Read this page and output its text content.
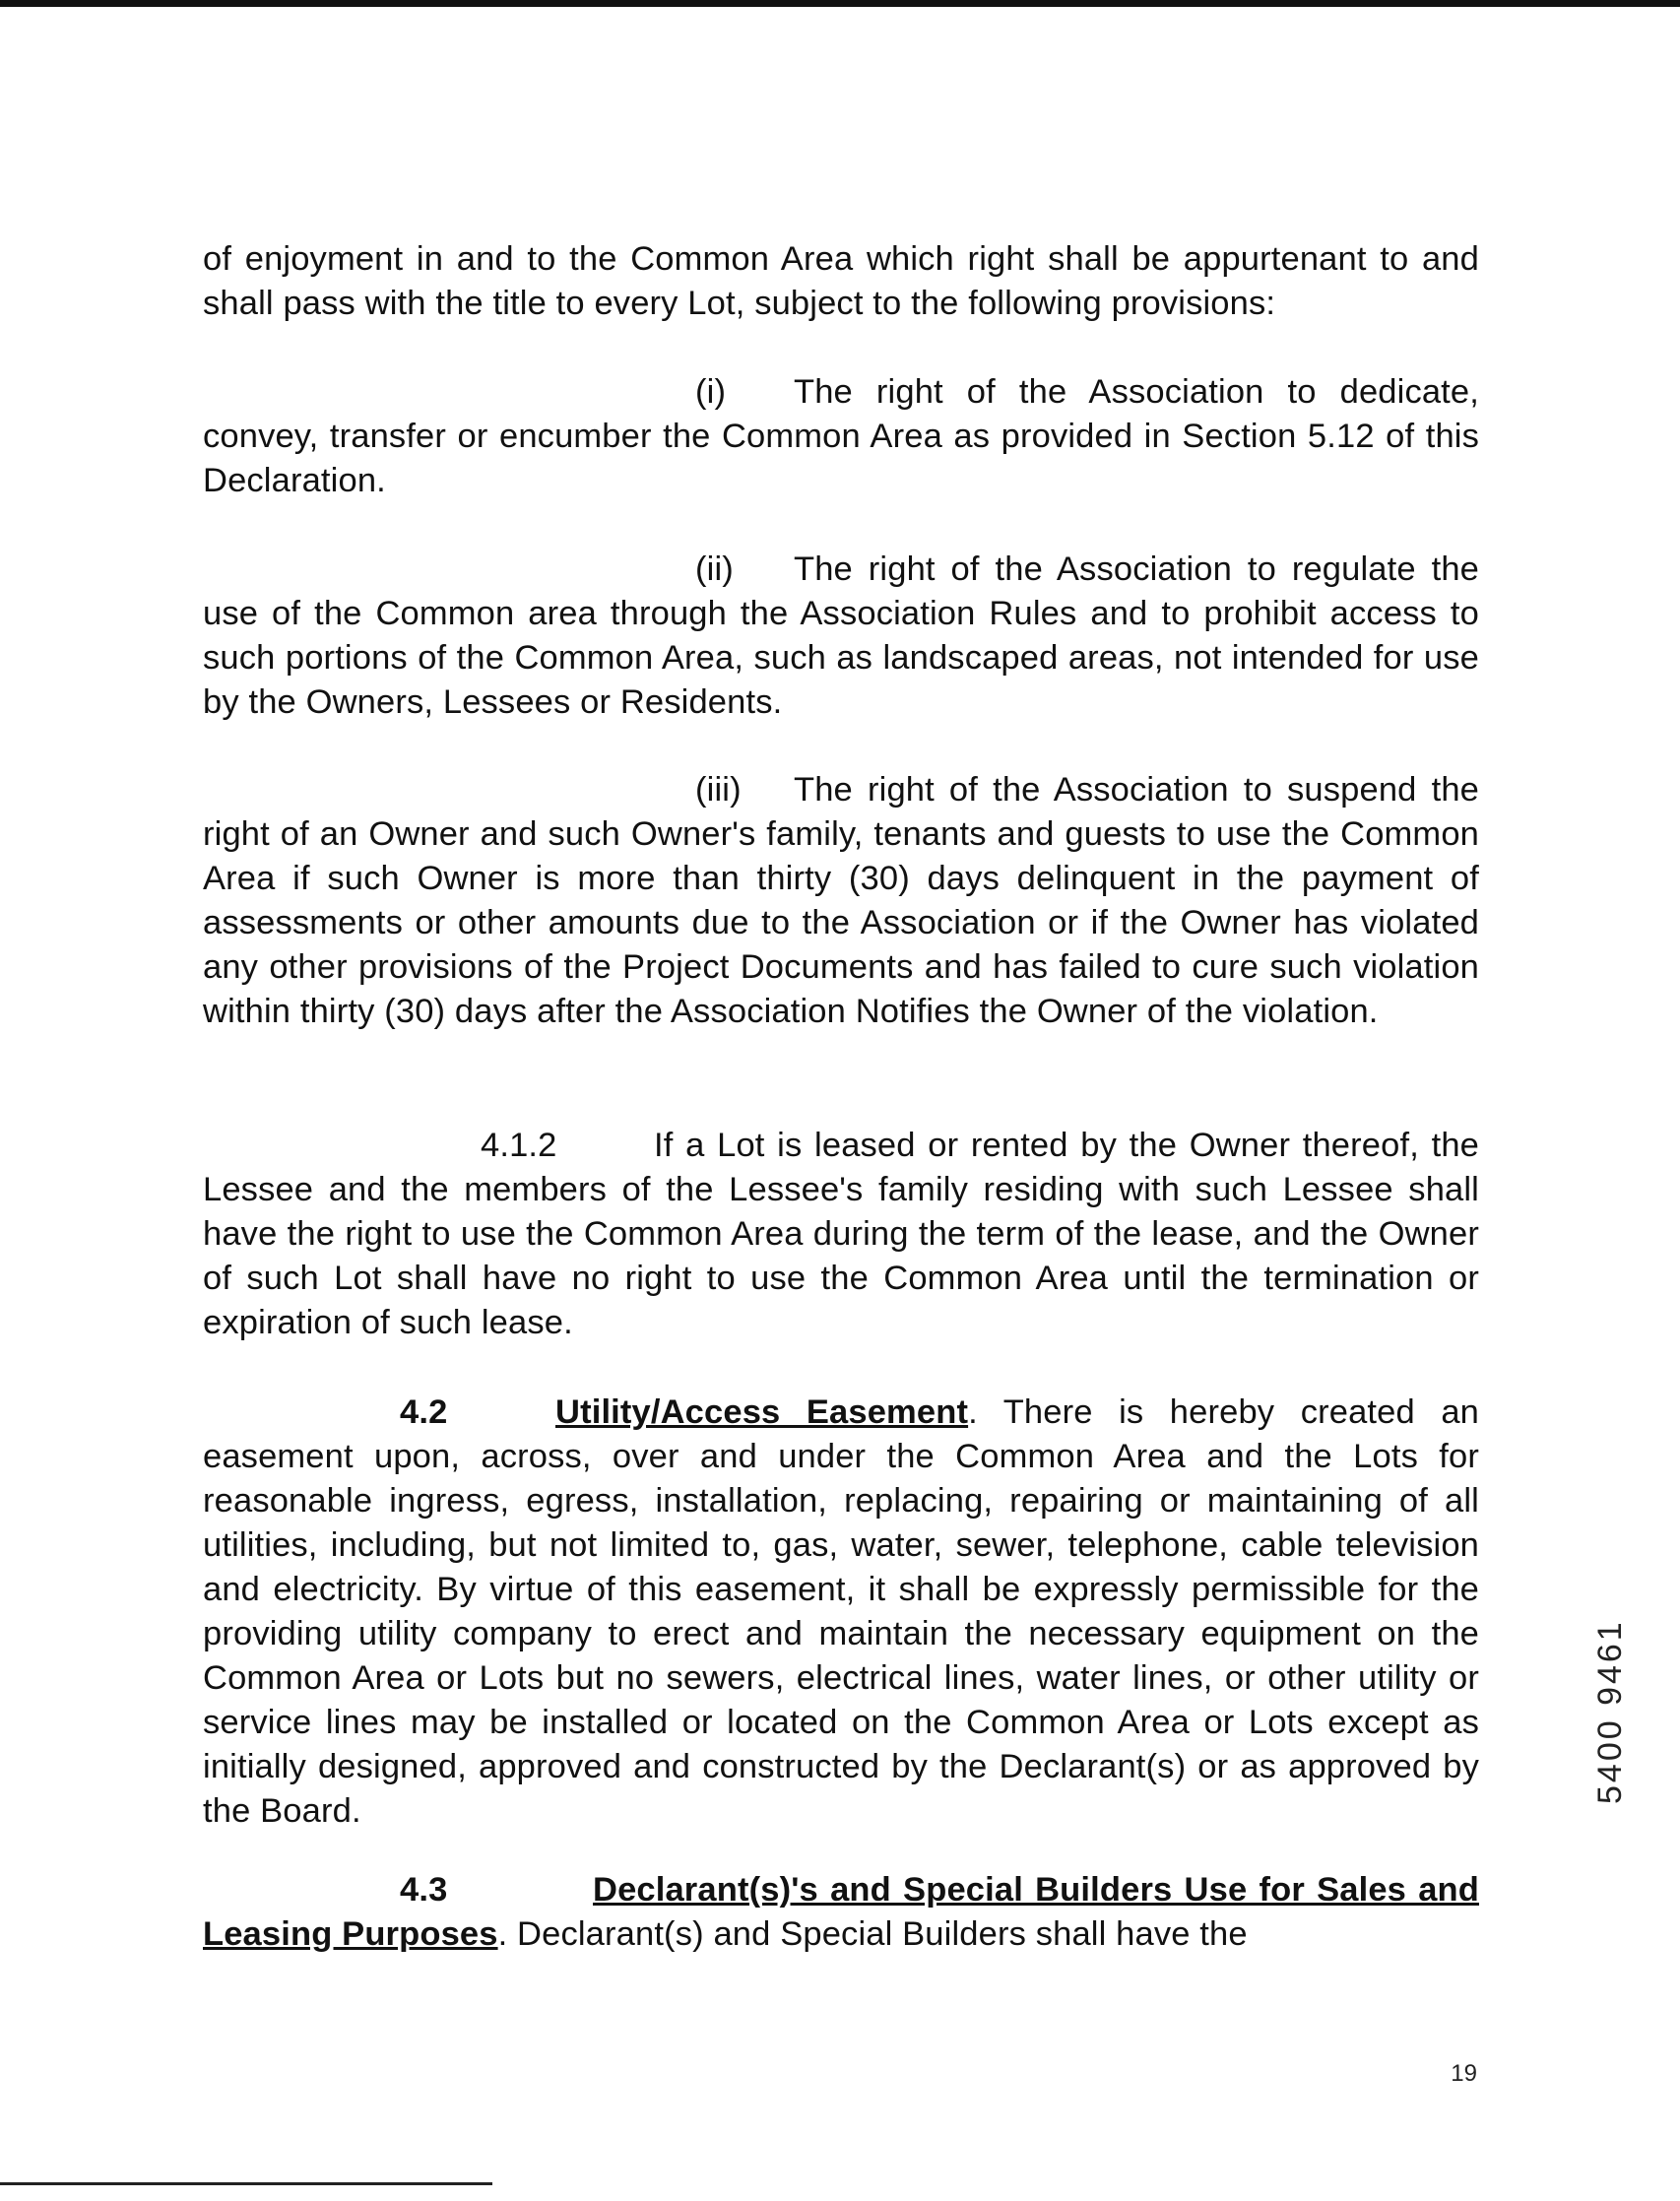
of enjoyment in and to the Common Area which right shall be appurtenant to and shall pass with the title to every Lot, subject to the following provisions:

(i) The right of the Association to dedicate, convey, transfer or encumber the Common Area as provided in Section 5.12 of this Declaration.

(ii) The right of the Association to regulate the use of the Common area through the Association Rules and to prohibit access to such portions of the Common Area, such as landscaped areas, not intended for use by the Owners, Lessees or Residents.

(iii) The right of the Association to suspend the right of an Owner and such Owner's family, tenants and guests to use the Common Area if such Owner is more than thirty (30) days delinquent in the payment of assessments or other amounts due to the Association or if the Owner has violated any other provisions of the Project Documents and has failed to cure such violation within thirty (30) days after the Association Notifies the Owner of the violation.

4.1.2	If a Lot is leased or rented by the Owner thereof, the Lessee and the members of the Lessee's family residing with such Lessee shall have the right to use the Common Area during the term of the lease, and the Owner of such Lot shall have no right to use the Common Area until the termination or expiration of such lease.

4.2	Utility/Access Easement. There is hereby created an easement upon, across, over and under the Common Area and the Lots for reasonable ingress, egress, installation, replacing, repairing or maintaining of all utilities, including, but not limited to, gas, water, sewer, telephone, cable television and electricity. By virtue of this easement, it shall be expressly permissible for the providing utility company to erect and maintain the necessary equipment on the Common Area or Lots but no sewers, electrical lines, water lines, or other utility or service lines may be installed or located on the Common Area or Lots except as initially designed, approved and constructed by the Declarant(s) or as approved by the Board.

4.3	Declarant(s)'s and Special Builders Use for Sales and Leasing Purposes. Declarant(s) and Special Builders shall have the

5400 9461
19
